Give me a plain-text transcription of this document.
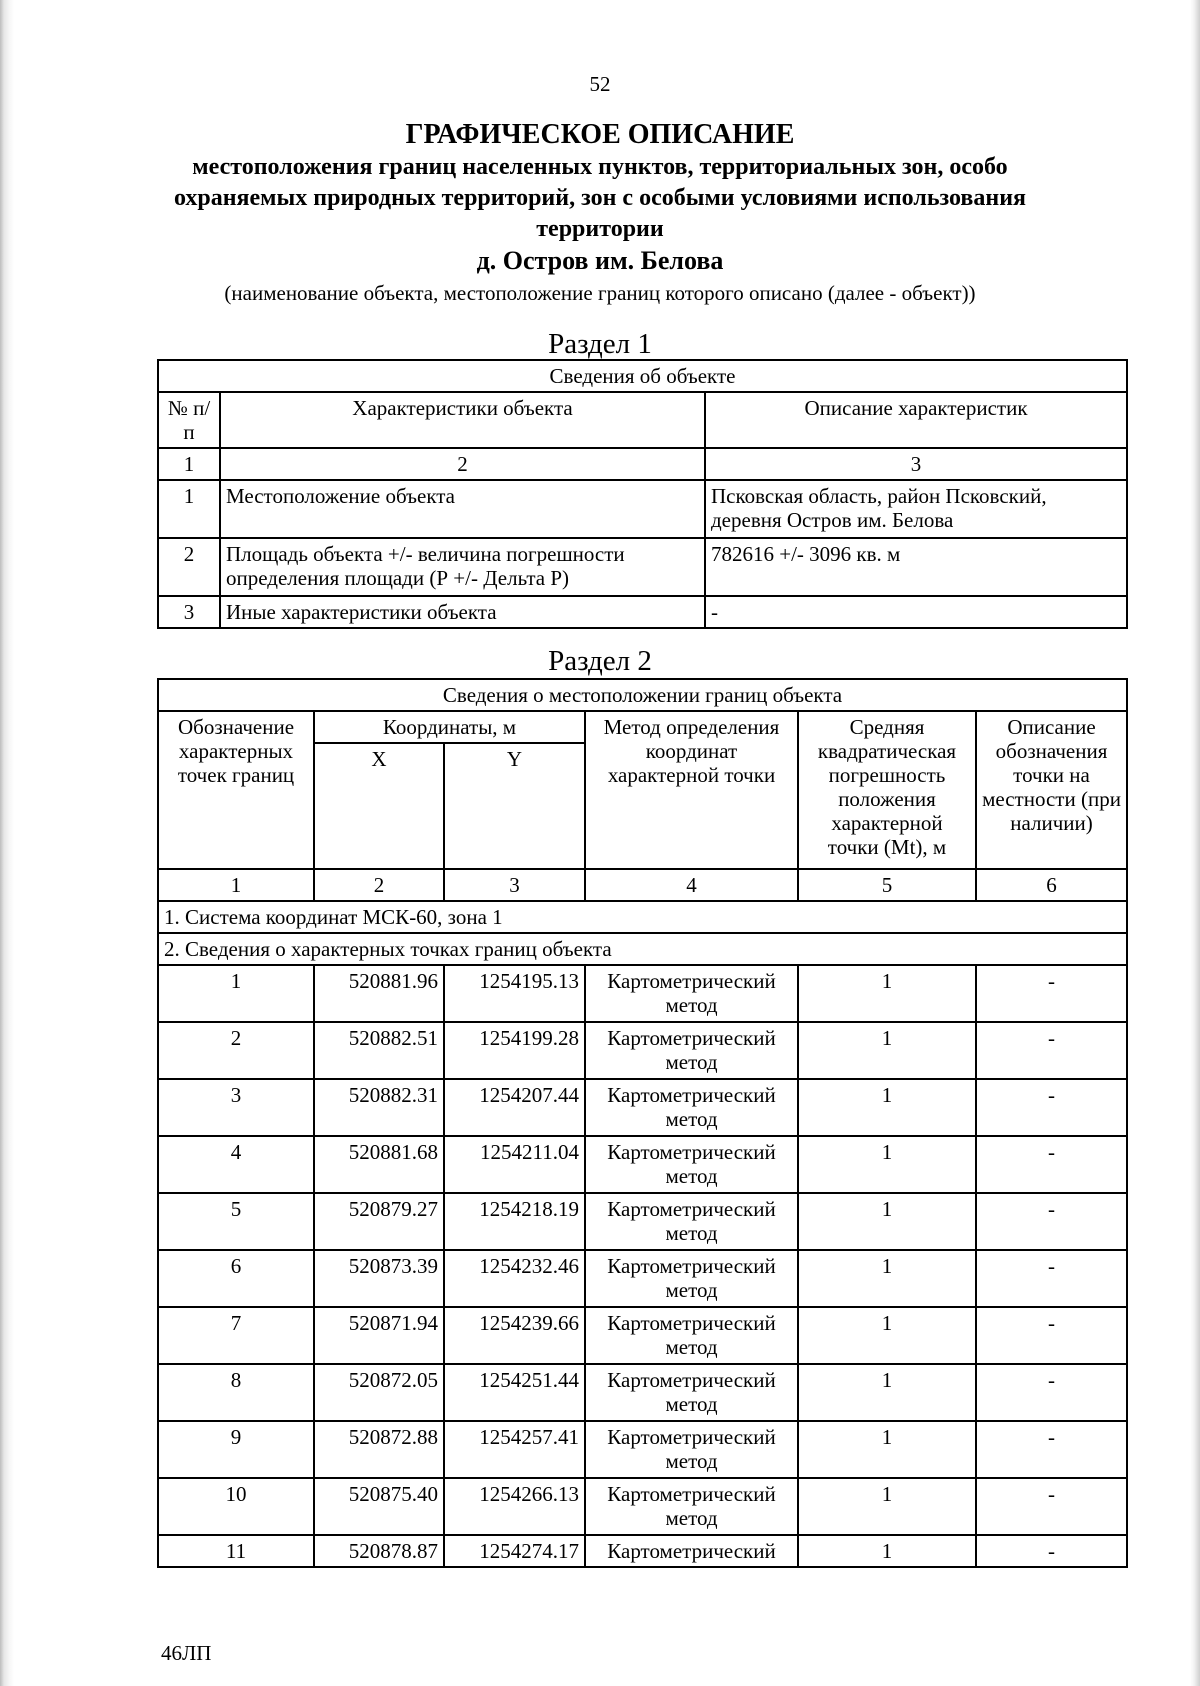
52
ГРАФИЧЕСКОЕ ОПИСАНИЕ
местоположения границ населенных пунктов, территориальных зон, особо охраняемых природных территорий, зон с особыми условиями использования территории
д. Остров им. Белова
(наименование объекта, местоположение границ которого описано (далее - объект))
Раздел 1
Сведения об объекте		
№ п/п	Характеристики объекта	Описание характеристик
1	2	3
1	Местоположение объекта	Псковская область, район Псковский, деревня Остров им. Белова
2	Площадь объекта +/- величина погрешности определения площади (Р +/- Дельта Р)	782616 +/- 3096 кв. м
3	Иные характеристики объекта	-
Раздел 2
Сведения о местоположении границ объекта					
Обозначение характерных точек границ	Координаты, м		Метод определения координат характерной точки	Средняя квадратическая погрешность положения характерной точки (Mt), м	Описание обозначения точки на местности (при наличии)
	X	Y			
1	2	3	4	5	6
1. Система координат МСК-60, зона 1					
2. Сведения о характерных точках границ объекта					
1	520881.96	1254195.13	Картометрический метод	1	-
2	520882.51	1254199.28	Картометрический метод	1	-
3	520882.31	1254207.44	Картометрический метод	1	-
4	520881.68	1254211.04	Картометрический метод	1	-
5	520879.27	1254218.19	Картометрический метод	1	-
6	520873.39	1254232.46	Картометрический метод	1	-
7	520871.94	1254239.66	Картометрический метод	1	-
8	520872.05	1254251.44	Картометрический метод	1	-
9	520872.88	1254257.41	Картометрический метод	1	-
10	520875.40	1254266.13	Картометрический метод	1	-
11	520878.87	1254274.17	Картометрический	1	-
46ЛП
